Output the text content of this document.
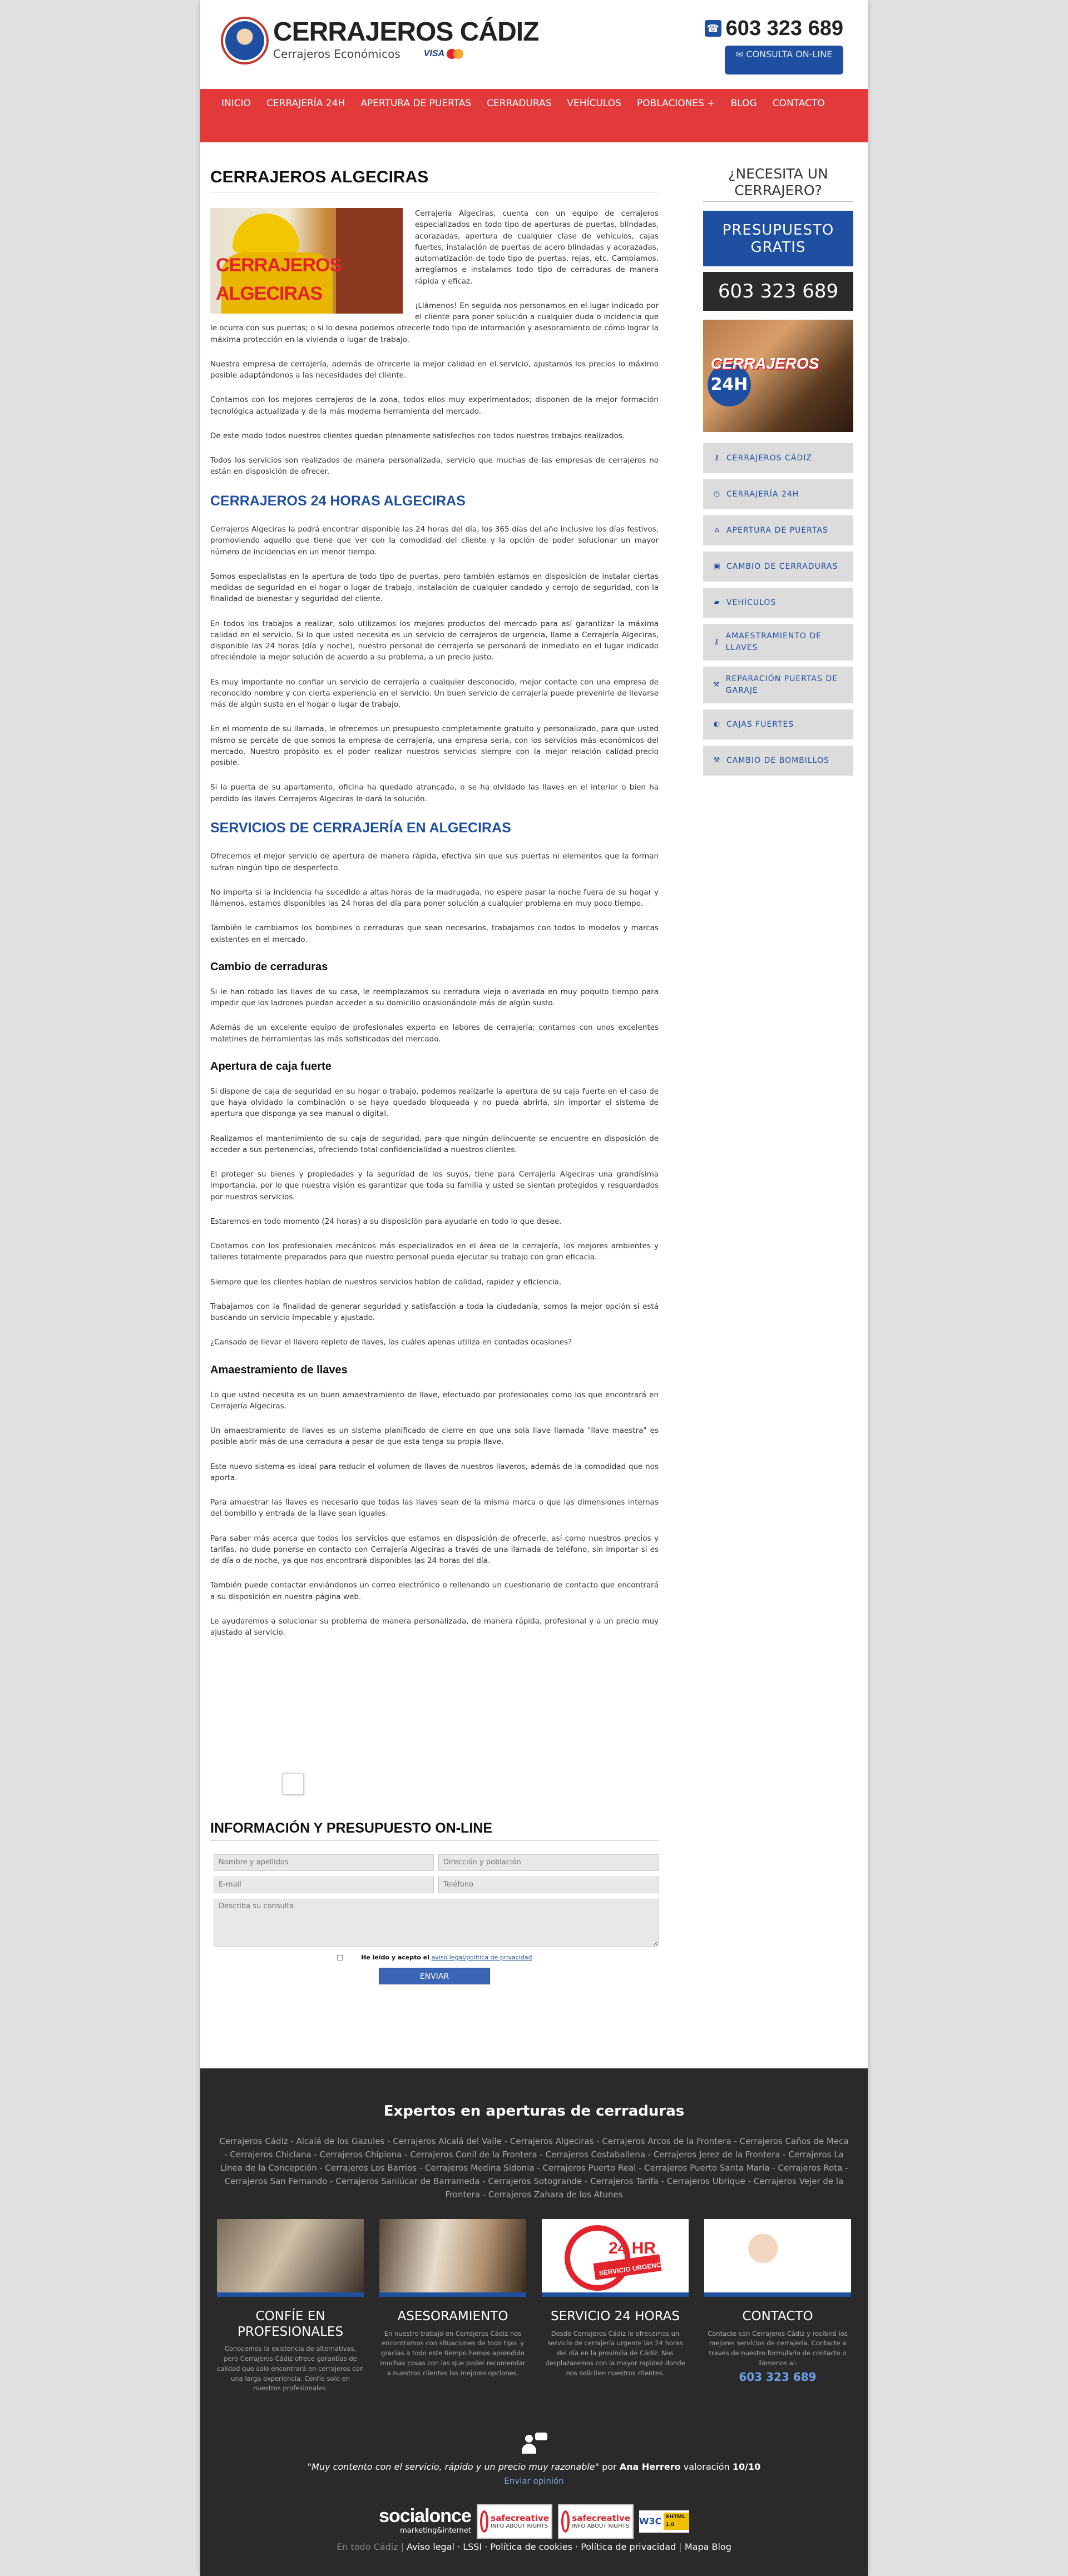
CERRAJEROS CÁDIZ
Cerrajeros Económicos	VISA
☎ 603 323 689
✉ CONSULTA ON-LINE
INICIO	CERRAJERÍA 24H	APERTURA DE PUERTAS	CERRADURAS	VEHÍCULOS	POBLACIONES +	BLOG	CONTACTO
CERRAJEROS ALGECIRAS
CERRAJEROS ALGECIRAS

Cerrajería Algeciras, cuenta con un equipo de cerrajeros especializados en todo tipo de aperturas de puertas, blindadas, acorazadas, apertura de cualquier clase de vehículos, cajas fuertes, instalación de puertas de acero blindadas y acorazadas, automatización de todo tipo de puertas, rejas, etc. Cambiamos, arreglamos e instalamos todo tipo de cerraduras de manera rápida y eficaz.

¡Llámenos! En seguida nos personamos en el lugar indicado por el cliente para poner solución a cualquier duda o incidencia que le ocurra con sus puertas; o si lo desea podemos ofrecerle todo tipo de información y asesoramiento de cómo lograr la máxima protección en la vivienda o lugar de trabajo.

Nuestra empresa de cerrajería, además de ofrecerle la mejor calidad en el servicio, ajustamos los precios lo máximo posible adaptándonos a las necesidades del cliente.

Contamos con los mejores cerrajeros de la zona, todos ellos muy experimentados; disponen de la mejor formación tecnológica actualizada y de la más moderna herramienta del mercado.

De este modo todos nuestros clientes quedan plenamente satisfechos con todos nuestros trabajos realizados.

Todos los servicios son realizados de manera personalizada, servicio que muchas de las empresas de cerrajeros no están en disposición de ofrecer.

CERRAJEROS 24 HORAS ALGECIRAS

Cerrajeros Algeciras la podrá encontrar disponible las 24 horas del día, los 365 días del año inclusive los días festivos, promoviendo aquello que tiene que ver con la comodidad del cliente y la opción de poder solucionar un mayor número de incidencias en un menor tiempo.

Somos especialistas en la apertura de todo tipo de puertas, pero también estamos en disposición de instalar ciertas medidas de seguridad en el hogar o lugar de trabajo, instalación de cualquier candado y cerrojo de seguridad, con la finalidad de bienestar y seguridad del cliente.

En todos los trabajos a realizar, solo utilizamos los mejores productos del mercado para así garantizar la máxima calidad en el servicio. Si lo que usted necesita es un servicio de cerrajeros de urgencia, llame a Cerrajería Algeciras, disponible las 24 horas (día y noche), nuestro personal de cerrajería se personará de inmediato en el lugar indicado ofreciéndole la mejor solución de acuerdo a su problema, a un precio justo.

Es muy importante no confiar un servicio de cerrajería a cualquier desconocido, mejor contacte con una empresa de reconocido nombre y con cierta experiencia en el servicio. Un buen servicio de cerrajería puede prevenirle de llevarse más de algún susto en el hogar o lugar de trabajo.

En el momento de su llamada, le ofrecemos un presupuesto completamente gratuito y personalizado, para que usted mismo se percate de que somos la empresa de cerrajería, una empresa seria, con los servicios más económicos del mercado. Nuestro propósito es el poder realizar nuestros servicios siempre con la mejor relación calidad-precio posible.

Si la puerta de su apartamento, oficina ha quedado atrancada, o se ha olvidado las llaves en el interior o bien ha perdido las llaves Cerrajeros Algeciras le dará la solución.

SERVICIOS DE CERRAJERÍA EN ALGECIRAS

Ofrecemos el mejor servicio de apertura de manera rápida, efectiva sin que sus puertas ni elementos que la forman sufran ningún tipo de desperfecto.

No importa si la incidencia ha sucedido a altas horas de la madrugada, no espere pasar la noche fuera de su hogar y llámenos, estamos disponibles las 24 horas del día para poner solución a cualquier problema en muy poco tiempo.

También le cambiamos los bombines o cerraduras que sean necesarios, trabajamos con todos lo modelos y marcas existentes en el mercado.

Cambio de cerraduras

Si le han robado las llaves de su casa, le reemplazamos su cerradura vieja o averiada en muy poquito tiempo para impedir que los ladrones puedan acceder a su domicilio ocasionándole más de algún susto.

Además de un excelente equipo de profesionales experto en labores de cerrajería; contamos con unos excelentes maletines de herramientas las más sofisticadas del mercado.

Apertura de caja fuerte

Si dispone de caja de seguridad en su hogar o trabajo, podemos realizarle la apertura de su caja fuerte en el caso de que haya olvidado la combinación o se haya quedado bloqueada y no pueda abrirla, sin importar el sistema de apertura que disponga ya sea manual o digital.

Realizamos el mantenimiento de su caja de seguridad, para que ningún delincuente se encuentre en disposición de acceder a sus pertenencias, ofreciendo total confidencialidad a nuestros clientes.

El proteger su bienes y propiedades y la seguridad de los suyos, tiene para Cerrajería Algeciras una grandísima importancia, por lo que nuestra visión es garantizar que toda su familia y usted se sientan protegidos y resguardados por nuestros servicios.

Estaremos en todo momento (24 horas) a su disposición para ayudarle en todo lo que desee.

Contamos con los profesionales mecánicos más especializados en el área de la cerrajería, los mejores ambientes y talleres totalmente preparados para que nuestro personal pueda ejecutar su trabajo con gran eficacia.

Siempre que los clientes hablan de nuestros servicios hablan de calidad, rapidez y eficiencia.

Trabajamos con la finalidad de generar seguridad y satisfacción a toda la ciudadanía, somos la mejor opción si está buscando un servicio impecable y ajustado.

¿Cansado de llevar el llavero repleto de llaves, las cuáles apenas utiliza en contadas ocasiones?

Amaestramiento de llaves

Lo que usted necesita es un buen amaestramiento de llave, efectuado por profesionales como los que encontrará en Cerrajería Algeciras.

Un amaestramiento de llaves es un sistema planificado de cierre en que una sola llave llamada "llave maestra" es posible abrir más de una cerradura a pesar de que esta tenga su propia llave.

Este nuevo sistema es ideal para reducir el volumen de llaves de nuestros llaveros, además de la comodidad que nos aporta.

Para amaestrar las llaves es necesario que todas las llaves sean de la misma marca o que las dimensiones internas del bombillo y entrada de la llave sean iguales.

Para saber más acerca que todos los servicios que estamos en disposición de ofrecerle, así como nuestros precios y tarifas, no dude ponerse en contacto con Cerrajería Algeciras a través de una llamada de teléfono, sin importar si es de día o de noche, ya que nos encontrará disponibles las 24 horas del día.

También puede contactar enviándonos un correo electrónico o rellenando un cuestionario de contacto que encontrará a su disposición en nuestra página web.

Le ayudaremos a solucionar su problema de manera personalizada, de manera rápida, profesional y a un precio muy ajustado al servicio.

INFORMACIÓN Y PRESUPUESTO ON-LINE
Nombre y apellidos
Dirección y población
E-mail
Teléfono
Describa su consulta
He leído y acepto el aviso legal/política de privacidad
ENVIAR
¿NECESITA UN CERRAJERO?
PRESUPUESTO GRATIS
603 323 689
24H
CERRAJEROS
⚷ CERRAJEROS CÁDIZ
◷ CERRAJERÍA 24H
⌂ APERTURA DE PUERTAS
▣ CAMBIO DE CERRADURAS
▰ VEHÍCULOS
⚷
AMAESTRAMIENTO DE LLAVES
⚒
REPARACIÓN PUERTAS DE GARAJE
◐ CAJAS FUERTES
⚒ CAMBIO DE BOMBILLOS
Expertos en aperturas de cerraduras
Cerrajeros Cádiz - Alcalá de los Gazules - Cerrajeros Alcalá del Valle - Cerrajeros Algeciras - Cerrajeros Arcos de la Frontera - Cerrajeros Caños de Meca - Cerrajeros Chiclana - Cerrajeros Chipiona - Cerrajeros Conil de la Frontera - Cerrajeros Costaballena - Cerrajeros Jerez de la Frontera - Cerrajeros La Línea de la Concepción - Cerrajeros Los Barrios - Cerrajeros Medina Sidonia - Cerrajeros Puerto Real - Cerrajeros Puerto Santa María - Cerrajeros Rota - Cerrajeros San Fernando - Cerrajeros Sanlúcar de Barrameda - Cerrajeros Sotogrande - Cerrajeros Tarifa - Cerrajeros Ubrique - Cerrajeros Vejer de la Frontera - Cerrajeros Zahara de los Atunes
CONFÍE EN PROFESIONALES

Conocemos la existencia de alternativas, pero Cerrajeros Cádiz ofrece garantías de calidad que solo encontrará en cerrajeros con una larga experiencia. Confíe solo en nuestros profesionales.

ASESORAMIENTO

En nuestro trabajo en Cerrajeros Cádiz nos encontramos con situaciones de todo tipo, y gracias a todo este tiempo hemos aprendido muchas cosas con las que poder recomendar a nuestros clientes las mejores opciones.

24 HR
SERVICIO URGENCIAS
SERVICIO 24 HORAS

Desde Cerrajeros Cádiz le ofrecemos un servicio de cerrajería urgente las 24 horas del día en la provincia de Cádiz. Nos desplazaremos con la mayor rapidez donde nos soliciten nuestros clientes.

CONTACTO

Contacte con Cerrajeros Cádiz y recibirá los mejores servicios de cerrajería. Contacte a través de nuestro formulario de contacto o llámenos al:

603 323 689
"Muy contento con el servicio, rápido y un precio muy razonable" por Ana Herrero valoración 10/10
Enviar opinión
socialonce
marketing&internet
safecreative
INFO ABOUT RIGHTS
safecreative
INFO ABOUT RIGHTS W3C XHTML 1.0
En todo Cádiz | Aviso legal · LSSI · Política de cookies · Política de privacidad | Mapa Blog
